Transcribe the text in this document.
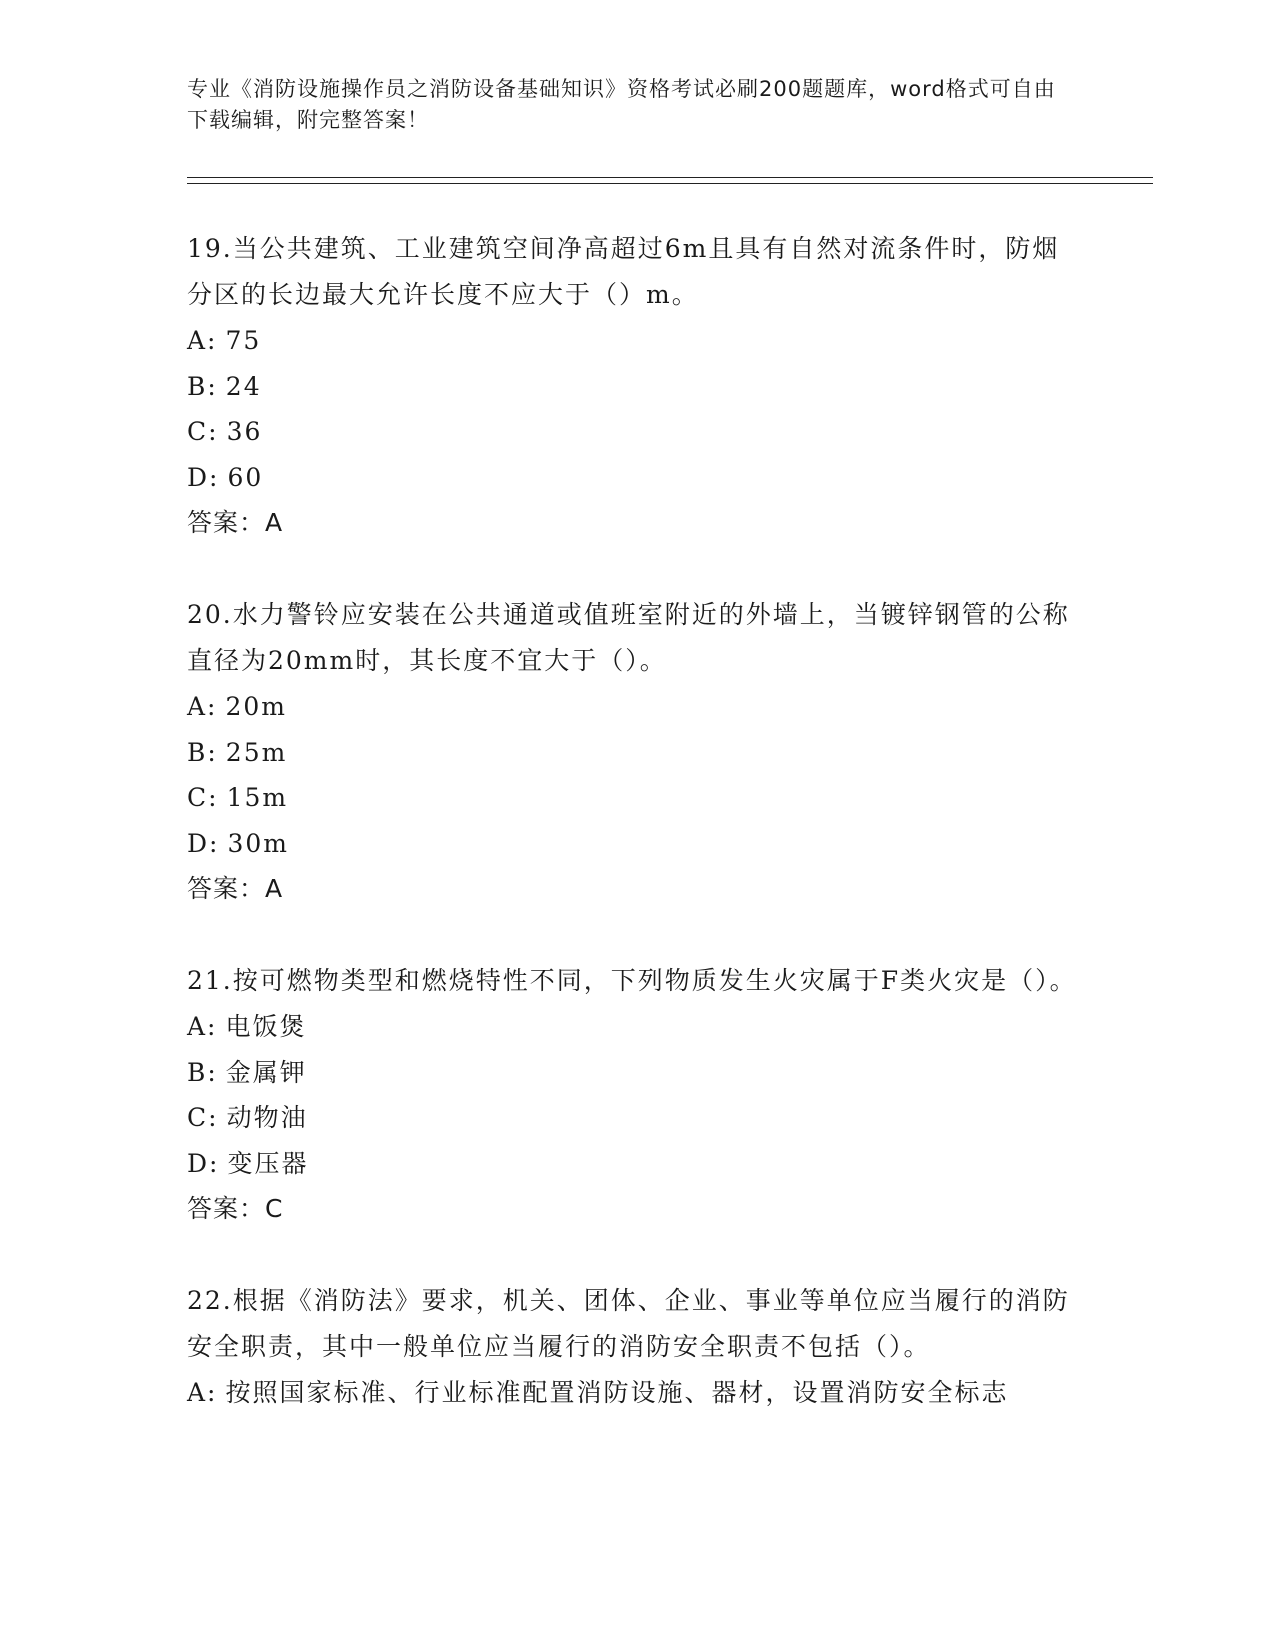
专业《消防设施操作员之消防设备基础知识》资格考试必刷200题题库，word格式可自由下载编辑，附完整答案！
19.当公共建筑、工业建筑空间净高超过6m且具有自然对流条件时，防烟分区的长边最大允许长度不应大于（）m。
A: 75
B: 24
C: 36
D: 60
答案：A
20.水力警铃应安装在公共通道或值班室附近的外墙上，当镀锌钢管的公称直径为20mm时，其长度不宜大于（）。
A: 20m
B: 25m
C: 15m
D: 30m
答案：A
21.按可燃物类型和燃烧特性不同，下列物质发生火灾属于F类火灾是（）。
A: 电饭煲
B: 金属钾
C: 动物油
D: 变压器
答案：C
22.根据《消防法》要求，机关、团体、企业、事业等单位应当履行的消防安全职责，其中一般单位应当履行的消防安全职责不包括（）。
A: 按照国家标准、行业标准配置消防设施、器材，设置消防安全标志
